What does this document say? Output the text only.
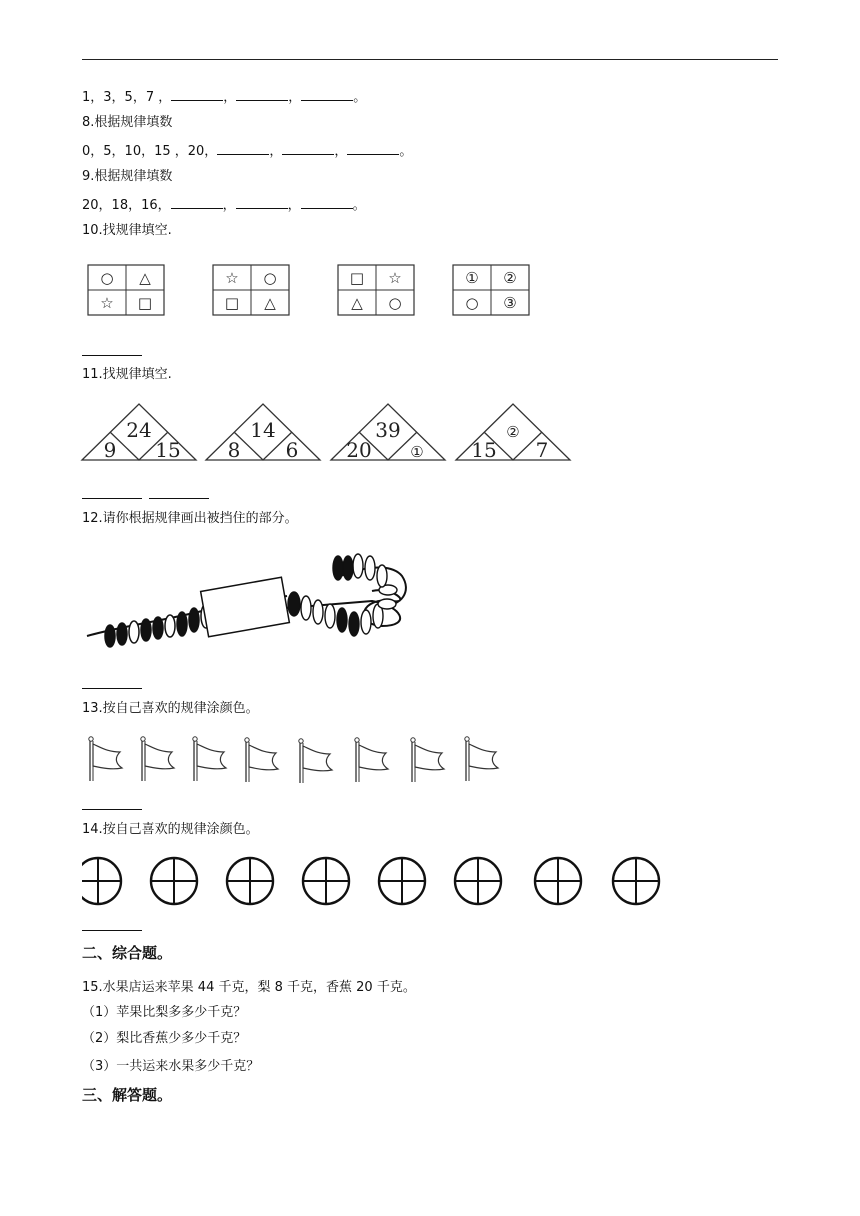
1，3，5，7 ，	，	，	。
8.根据规律填数
0，5，10，15 ，20，	，	，	。
9.根据规律填数
20，18，16，	，	，	。
10.找规律填空.
○ △
☆ □
☆ ○
□ △
□ ☆
△ ○
① ②
○ ③
11.找规律填空.
24
9 15
14
8 6
39
20	①
②
15 7
12.请你根据规律画出被挡住的部分。
13.按自己喜欢的规律涂颜色。
14.按自己喜欢的规律涂颜色。
二、综合题。
15.水果店运来苹果 44 千克，梨 8 千克，香蕉 20 千克。
（1）苹果比梨多多少千克？
（2）梨比香蕉少多少千克？
（3）一共运来水果多少千克？
三、解答题。
